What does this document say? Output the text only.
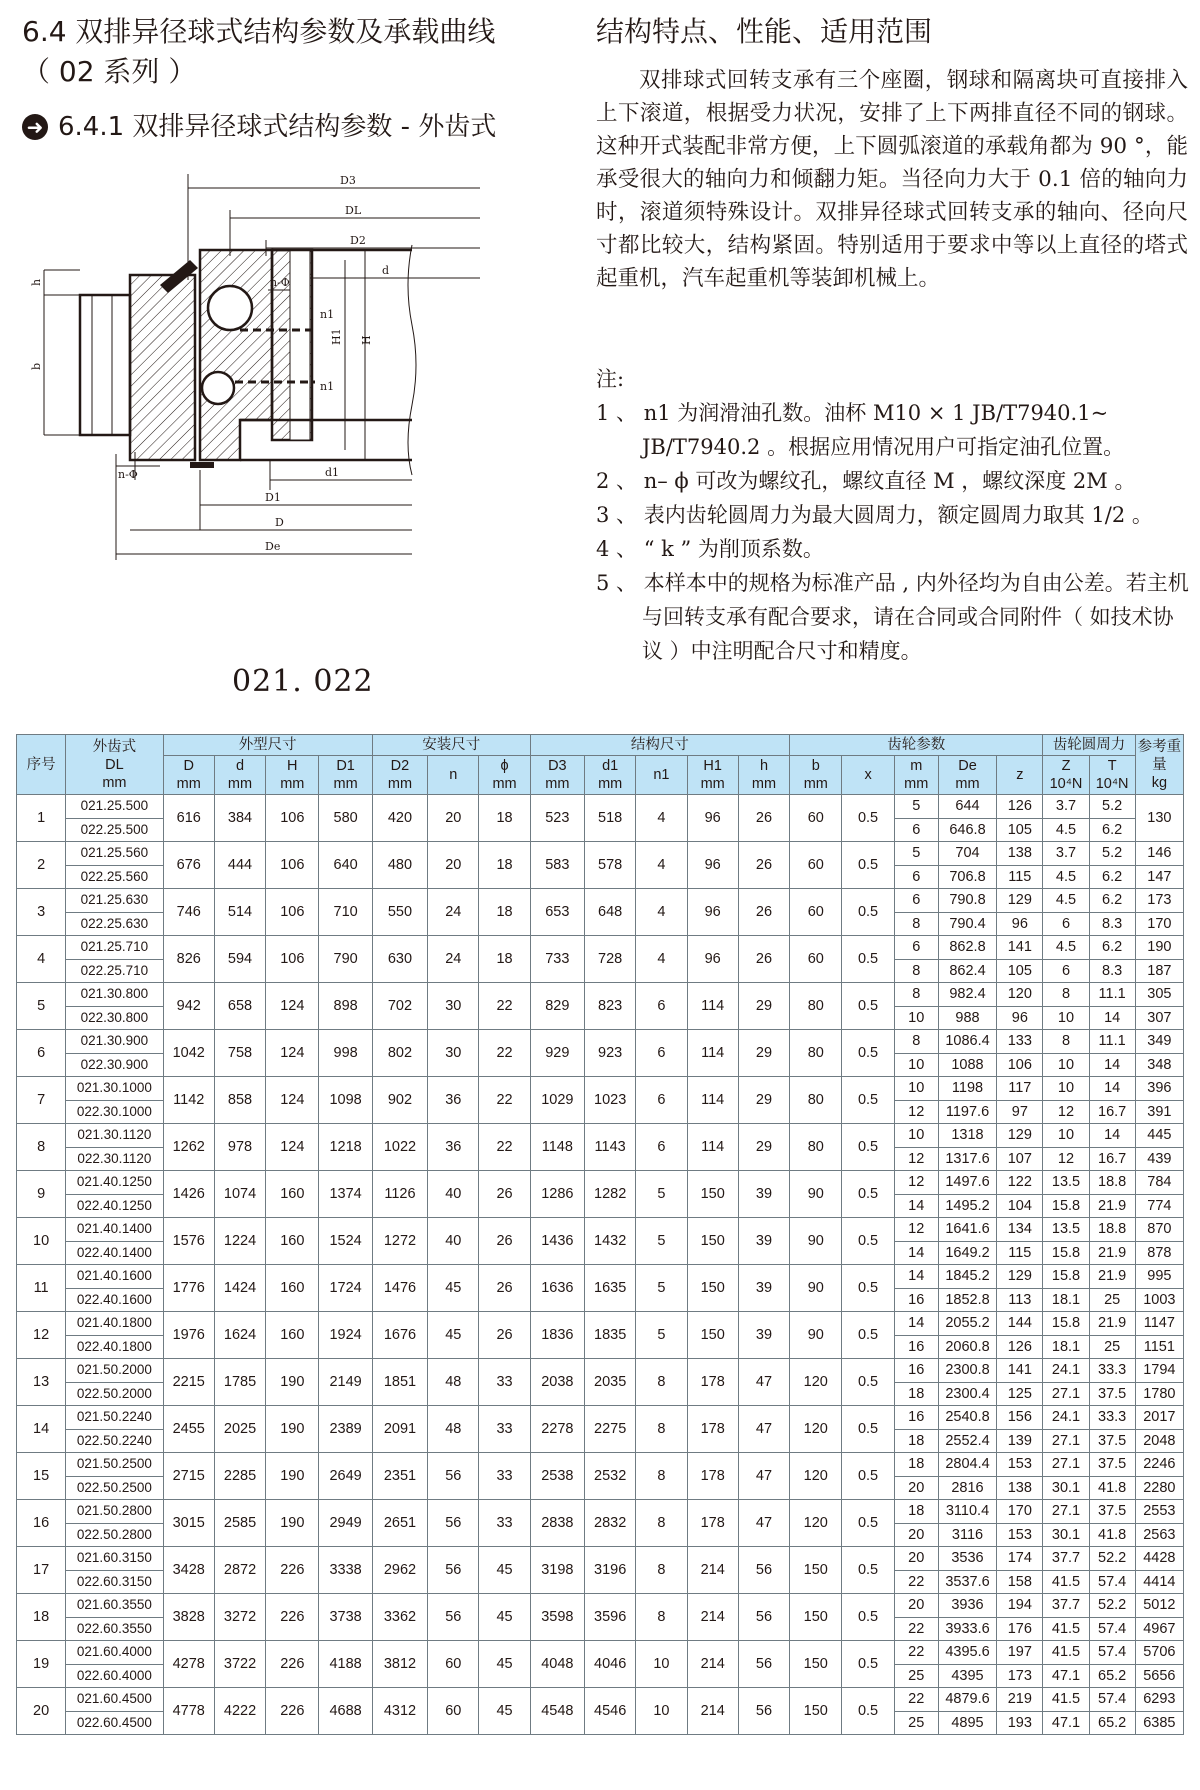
6.4 双排异径球式结构参数及承载曲线
（ 02 系列 ）
➜ 6.4.1 双排异径球式结构参数 - 外齿式
D3
DL
D2
d
n1
n1
H1 H
h
b
n-Φ	d1
D1
D
De
021. 022
结构特点、性能、适用范围

双排球式回转支承有三个座圈，钢球和隔离块可直接排入上下滚道，根据受力状况，安排了上下两排直径不同的钢球。这种开式装配非常方便，上下圆弧滚道的承载角都为 90 °，能承受很大的轴向力和倾翻力矩。当径向力大于 0.1 倍的轴向力时，滚道须特殊设计。双排异径球式回转支承的轴向、径向尺寸都比较大，结构紧固。特别适用于要求中等以上直径的塔式起重机，汽车起重机等装卸机械上。

注:

1 、 n1 为润滑油孔数。油杯 M10 × 1 JB/T7940.1~ JB/T7940.2 。根据应用情况用户可指定油孔位置。

2 、 n– ϕ 可改为螺纹孔，螺纹直径 M ，螺纹深度 2M 。

3 、 表内齿轮圆周力为最大圆周力，额定圆周力取其 1/2 。

4 、 “ k ” 为削顶系数。

5 、 本样本中的规格为标准产品 , 内外径均为自由公差。若主机与回转支承有配合要求，请在合同或合同附件（ 如技术协议 ）中注明配合尺寸和精度。

序号	外齿式
DL
mm	外型尺寸				安装尺寸			结构尺寸					齿轮参数					齿轮圆周力		参考重量
kg
		D
mm	d
mm	H
mm	D1
mm	D2
mm	n	ϕ
mm	D3
mm	d1
mm	n1	H1
mm	h
mm	b
mm	x	m
mm	De
mm	z	Z
10⁴N	T
10⁴N	
1	021.25.500	616	384	106	580	420	20	18	523	518	4	96	26	60	0.5	5	644	126	3.7	5.2	130
	022.25.500															6	646.8	105	4.5	6.2	
2	021.25.560	676	444	106	640	480	20	18	583	578	4	96	26	60	0.5	5	704	138	3.7	5.2	146
	022.25.560															6	706.8	115	4.5	6.2	147
3	021.25.630	746	514	106	710	550	24	18	653	648	4	96	26	60	0.5	6	790.8	129	4.5	6.2	173
	022.25.630															8	790.4	96	6	8.3	170
4	021.25.710	826	594	106	790	630	24	18	733	728	4	96	26	60	0.5	6	862.8	141	4.5	6.2	190
	022.25.710															8	862.4	105	6	8.3	187
5	021.30.800	942	658	124	898	702	30	22	829	823	6	114	29	80	0.5	8	982.4	120	8	11.1	305
	022.30.800															10	988	96	10	14	307
6	021.30.900	1042	758	124	998	802	30	22	929	923	6	114	29	80	0.5	8	1086.4	133	8	11.1	349
	022.30.900															10	1088	106	10	14	348
7	021.30.1000	1142	858	124	1098	902	36	22	1029	1023	6	114	29	80	0.5	10	1198	117	10	14	396
	022.30.1000															12	1197.6	97	12	16.7	391
8	021.30.1120	1262	978	124	1218	1022	36	22	1148	1143	6	114	29	80	0.5	10	1318	129	10	14	445
	022.30.1120															12	1317.6	107	12	16.7	439
9	021.40.1250	1426	1074	160	1374	1126	40	26	1286	1282	5	150	39	90	0.5	12	1497.6	122	13.5	18.8	784
	022.40.1250															14	1495.2	104	15.8	21.9	774
10	021.40.1400	1576	1224	160	1524	1272	40	26	1436	1432	5	150	39	90	0.5	12	1641.6	134	13.5	18.8	870
	022.40.1400															14	1649.2	115	15.8	21.9	878
11	021.40.1600	1776	1424	160	1724	1476	45	26	1636	1635	5	150	39	90	0.5	14	1845.2	129	15.8	21.9	995
	022.40.1600															16	1852.8	113	18.1	25	1003
12	021.40.1800	1976	1624	160	1924	1676	45	26	1836	1835	5	150	39	90	0.5	14	2055.2	144	15.8	21.9	1147
	022.40.1800															16	2060.8	126	18.1	25	1151
13	021.50.2000	2215	1785	190	2149	1851	48	33	2038	2035	8	178	47	120	0.5	16	2300.8	141	24.1	33.3	1794
	022.50.2000															18	2300.4	125	27.1	37.5	1780
14	021.50.2240	2455	2025	190	2389	2091	48	33	2278	2275	8	178	47	120	0.5	16	2540.8	156	24.1	33.3	2017
	022.50.2240															18	2552.4	139	27.1	37.5	2048
15	021.50.2500	2715	2285	190	2649	2351	56	33	2538	2532	8	178	47	120	0.5	18	2804.4	153	27.1	37.5	2246
	022.50.2500															20	2816	138	30.1	41.8	2280
16	021.50.2800	3015	2585	190	2949	2651	56	33	2838	2832	8	178	47	120	0.5	18	3110.4	170	27.1	37.5	2553
	022.50.2800															20	3116	153	30.1	41.8	2563
17	021.60.3150	3428	2872	226	3338	2962	56	45	3198	3196	8	214	56	150	0.5	20	3536	174	37.7	52.2	4428
	022.60.3150															22	3537.6	158	41.5	57.4	4414
18	021.60.3550	3828	3272	226	3738	3362	56	45	3598	3596	8	214	56	150	0.5	20	3936	194	37.7	52.2	5012
	022.60.3550															22	3933.6	176	41.5	57.4	4967
19	021.60.4000	4278	3722	226	4188	3812	60	45	4048	4046	10	214	56	150	0.5	22	4395.6	197	41.5	57.4	5706
	022.60.4000															25	4395	173	47.1	65.2	5656
20	021.60.4500	4778	4222	226	4688	4312	60	45	4548	4546	10	214	56	150	0.5	22	4879.6	219	41.5	57.4	6293
	022.60.4500															25	4895	193	47.1	65.2	6385
